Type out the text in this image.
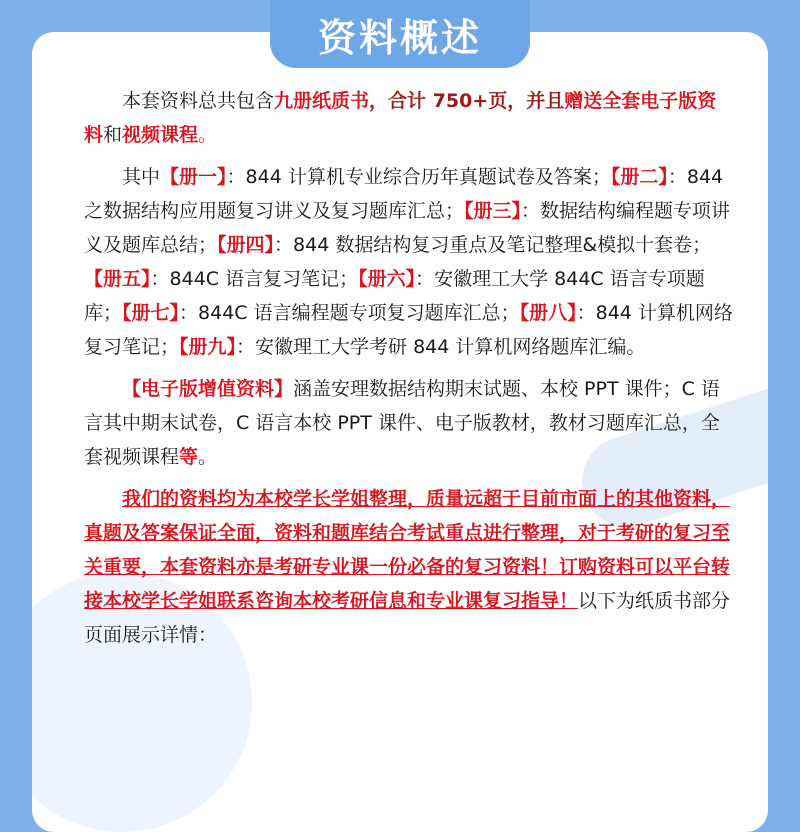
资料概述

本套资料总共包含九册纸质书，合计 750+页，并且赠送全套电子版资料和视频课程。

其中【册一】：844 计算机专业综合历年真题试卷及答案；【册二】：844 之数据结构应用题复习讲义及复习题库汇总；【册三】：数据结构编程题专项讲义及题库总结；【册四】：844 数据结构复习重点及笔记整理&模拟十套卷；【册五】：844C 语言复习笔记；【册六】：安徽理工大学 844C 语言专项题库；【册七】：844C 语言编程题专项复习题库汇总；【册八】：844 计算机网络复习笔记；【册九】：安徽理工大学考研 844 计算机网络题库汇编。

【电子版增值资料】涵盖安理数据结构期末试题、本校 PPT 课件；C 语言其中期末试卷，C 语言本校 PPT 课件、电子版教材，教材习题库汇总，全套视频课程等。

我们的资料均为本校学长学姐整理，质量远超于目前市面上的其他资料，真题及答案保证全面，资料和题库结合考试重点进行整理，对于考研的复习至关重要，本套资料亦是考研专业课一份必备的复习资料！订购资料可以平台转接本校学长学姐联系咨询本校考研信息和专业课复习指导！以下为纸质书部分页面展示详情：
